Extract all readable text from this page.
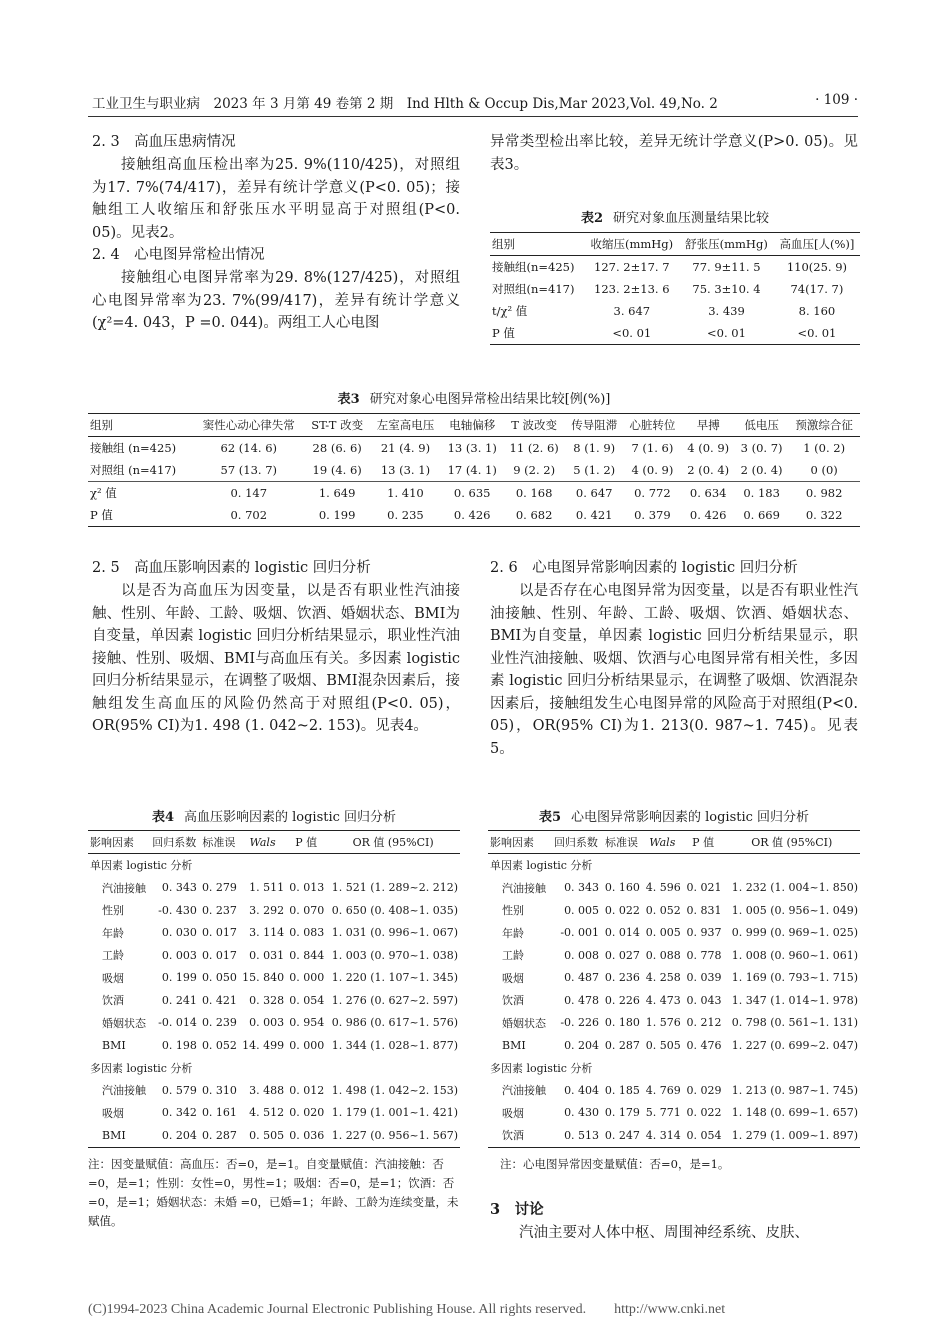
工业卫生与职业病　2023 年 3 月第 49 卷第 2 期　Ind Hlth & Occup Dis,Mar 2023,Vol. 49,No. 2	· 109 ·
2. 3　高血压患病情况

接触组高血压检出率为25. 9%(110/425)，对照组为17. 7%(74/417)，差异有统计学意义(P<0. 05)；接触组工人收缩压和舒张压水平明显高于对照组(P<0. 05)。见表2。

2. 4　心电图异常检出情况

接触组心电图异常率为29. 8%(127/425)，对照组心电图异常率为23. 7%(99/417)，差异有统计学意义(χ²=4. 043，P =0. 044)。两组工人心电图

异常类型检出率比较，差异无统计学意义(P>0. 05)。见表3。

表2 研究对象血压测量结果比较
组别	收缩压(mmHg)	舒张压(mmHg)	高血压[人(%)]
接触组(n=425)	127. 2±17. 7	77. 9±11. 5	110(25. 9)
对照组(n=417)	123. 2±13. 6	75. 3±10. 4	74(17. 7)
t/χ² 值	3. 647	3. 439	8. 160
P 值	<0. 01	<0. 01	<0. 01
表3 研究对象心电图异常检出结果比较[例(%)]
组别	窦性心动心律失常	ST-T 改变	左室高电压	电轴偏移	T 波改变	传导阻滞	心脏转位	早搏	低电压	预激综合征
接触组 (n=425)	62 (14. 6)	28 (6. 6)	21 (4. 9)	13 (3. 1)	11 (2. 6)	8 (1. 9)	7 (1. 6)	4 (0. 9)	3 (0. 7)	1 (0. 2)
对照组 (n=417)	57 (13. 7)	19 (4. 6)	13 (3. 1)	17 (4. 1)	9 (2. 2)	5 (1. 2)	4 (0. 9)	2 (0. 4)	2 (0. 4)	0 (0)
χ² 值	0. 147	1. 649	1. 410	0. 635	0. 168	0. 647	0. 772	0. 634	0. 183	0. 982
P 值	0. 702	0. 199	0. 235	0. 426	0. 682	0. 421	0. 379	0. 426	0. 669	0. 322
2. 5　高血压影响因素的 logistic 回归分析

以是否为高血压为因变量，以是否有职业性汽油接触、性别、年龄、工龄、吸烟、饮酒、婚姻状态、BMI为自变量，单因素 logistic 回归分析结果显示，职业性汽油接触、性别、吸烟、BMI与高血压有关。多因素 logistic 回归分析结果显示，在调整了吸烟、BMI混杂因素后，接触组发生高血压的风险仍然高于对照组(P<0. 05)，OR(95% CI)为1. 498 (1. 042~2. 153)。见表4。

2. 6　心电图异常影响因素的 logistic 回归分析

以是否存在心电图异常为因变量，以是否有职业性汽油接触、性别、年龄、工龄、吸烟、饮酒、婚姻状态、BMI为自变量，单因素 logistic 回归分析结果显示，职业性汽油接触、吸烟、饮酒与心电图异常有相关性，多因素 logistic 回归分析结果显示，在调整了吸烟、饮酒混杂因素后，接触组发生心电图异常的风险高于对照组(P<0. 05)，OR(95% CI)为1. 213(0. 987~1. 745)。见表5。

表4 高血压影响因素的 logistic 回归分析
影响因素	回归系数	标准误	Wals	P 值	OR 值 (95%CI)
单因素 logistic 分析					
汽油接触	0. 343	0. 279	1. 511	0. 013	1. 521 (1. 289~2. 212)
性别	-0. 430	0. 237	3. 292	0. 070	0. 650 (0. 408~1. 035)
年龄	0. 030	0. 017	3. 114	0. 083	1. 031 (0. 996~1. 067)
工龄	0. 003	0. 017	0. 031	0. 844	1. 003 (0. 970~1. 038)
吸烟	0. 199	0. 050	15. 840	0. 000	1. 220 (1. 107~1. 345)
饮酒	0. 241	0. 421	0. 328	0. 054	1. 276 (0. 627~2. 597)
婚姻状态	-0. 014	0. 239	0. 003	0. 954	0. 986 (0. 617~1. 576)
BMI	0. 198	0. 052	14. 499	0. 000	1. 344 (1. 028~1. 877)
多因素 logistic 分析					
汽油接触	0. 579	0. 310	3. 488	0. 012	1. 498 (1. 042~2. 153)
吸烟	0. 342	0. 161	4. 512	0. 020	1. 179 (1. 001~1. 421)
BMI	0. 204	0. 287	0. 505	0. 036	1. 227 (0. 956~1. 567)
注：因变量赋值：高血压：否=0，是=1。自变量赋值：汽油接触：否=0，是=1；性别：女性=0，男性=1；吸烟：否=0，是=1；饮酒：否=0，是=1；婚姻状态：未婚 =0，已婚=1；年龄、工龄为连续变量，未赋值。
表5 心电图异常影响因素的 logistic 回归分析
影响因素	回归系数	标准误	Wals	P 值	OR 值 (95%CI)
单因素 logistic 分析					
汽油接触	0. 343	0. 160	4. 596	0. 021	1. 232 (1. 004~1. 850)
性别	0. 005	0. 022	0. 052	0. 831	1. 005 (0. 956~1. 049)
年龄	-0. 001	0. 014	0. 005	0. 937	0. 999 (0. 969~1. 025)
工龄	0. 008	0. 027	0. 088	0. 778	1. 008 (0. 960~1. 061)
吸烟	0. 487	0. 236	4. 258	0. 039	1. 169 (0. 793~1. 715)
饮酒	0. 478	0. 226	4. 473	0. 043	1. 347 (1. 014~1. 978)
婚姻状态	-0. 226	0. 180	1. 576	0. 212	0. 798 (0. 561~1. 131)
BMI	0. 204	0. 287	0. 505	0. 476	1. 227 (0. 699~2. 047)
多因素 logistic 分析					
汽油接触	0. 404	0. 185	4. 769	0. 029	1. 213 (0. 987~1. 745)
吸烟	0. 430	0. 179	5. 771	0. 022	1. 148 (0. 699~1. 657)
饮酒	0. 513	0. 247	4. 314	0. 054	1. 279 (1. 009~1. 897)
注：心电图异常因变量赋值：否=0，是=1。
3　讨论

汽油主要对人体中枢、周围神经系统、皮肤、

(C)1994-2023 China Academic Journal Electronic Publishing House. All rights reserved.　　http://www.cnki.net
